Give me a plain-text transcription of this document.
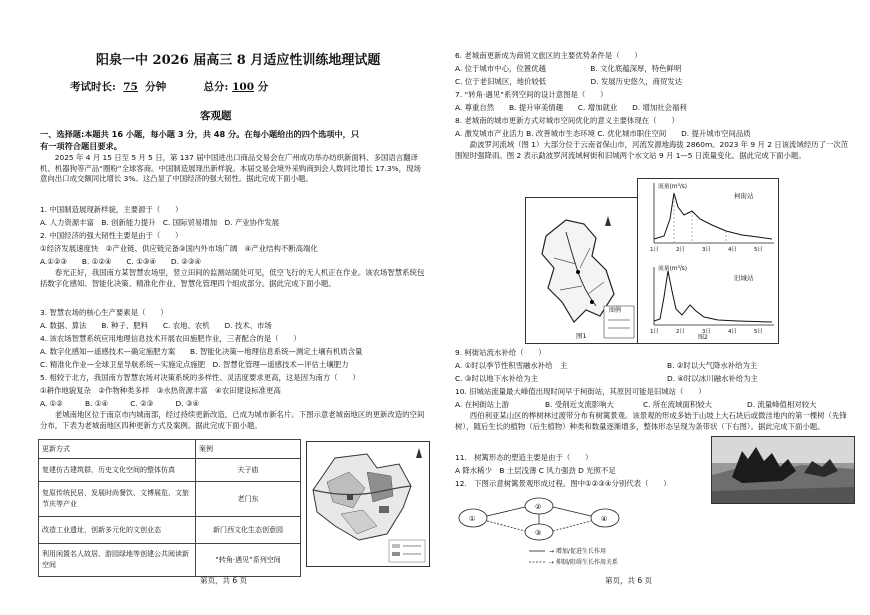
阳泉一中 2026 届高三 8 月适应性训练地理试题
考试时长: 75 分钟	总分: 100 分
客观题
一、选择题:本题共 16 小题，每小题 3 分，共 48 分。在每小题给出的四个选项中，只
有一项符合题目要求。
2025 年 4 月 15 日至 5 月 5 日，第 137 届中国进出口商品交易会在广州成功举办纺织新面料、多国语言翻译机、机器狗等产品“圈粉”全球客商。中国制造展现出新样貌。本届交易会境外采购商到会人数同比增长 17.3%，现场意向出口成交额同比增长 3%。这凸显了中国经济的强大韧性。据此完成下面小题。
1. 中国制造展现新样貌，主要源于（　　）
A. 人力资源丰富　B. 创新能力提升　C. 国际贸易增加　D. 产业协作发展
2. 中国经济的强大韧性主要是由于（　　）
①经济发展速度快　②产业链、供应链完备③国内外市场广阔　④产业结构不断高端化
A.①②③　　B. ①②④　　C. ①③④　　D. ②③④
春光正好，我国南方某智慧农场里，竖立田间的监测站随处可见，低空飞行的无人机正在作业。该农场智慧系统包括数字化感知、智能化决策、精准化作业、智慧化管理四个组成部分。据此完成下面小题。
3. 智慧农场的核心生产要素是（　　）
A. 数据、算法　　B. 种子、肥料　　C. 农地、农机　　D. 技术、市场
4. 该农场智慧系统应用地理信息技术开展农田施肥作业，三者配合的是（　　）
A. 数字化感知—遥感技术—确定施肥方案　　B. 智能化决策—地理信息系统—测定土壤有机质含量
C. 精准化作业—全球卫星导航系统—实施定点施肥　D. 智慧化管理—遥感技术—评估土壤肥力
5. 相较于北方，我国南方智慧农场对决策系统的多样性、灵活度要求更高，这是因为南方（　　）
①耕作地貌复杂　②作物种类多样　③水热资源丰富　④农田建设标准更高
A. ①②　　　B. ①④　　　C. ②③　　　D. ③④
老城南地区位于南京市内城南部，经过持续更新改造，已成为城市新名片。下图示意老城南地区的更新改造的空间分布，下表为老城南地区四种更新方式及案例。据此完成下面小题。
更新方式	案例
复建仿古建筑群，历史文化空间的整体仿真	夫子庙
复原传统民居，发展时尚餐饮、文博展览、文旅节庆等产业	老门东
改造工业遗址，创新多元化的文创业态	新门西文化生态创意园
利用闲置名人故居、游园绿地等创建公共阅读新空间	“转角·遇见”系列空间
第页，共 6 页
6. 老城南更新成为商贸文旅区的主要优势条件是（　　）
A. 位于城市中心，位置优越　　　　　　B. 文化底蕴深厚，特色鲜明
C. 位于老旧城区，地价较低　　　　　　D. 发展历史悠久，商贸发达
7. “转角·遇见”系列空间的设计意图是（　　）
A. 尊重自然　　B. 提升审美情趣　　C. 增加就业　　D. 增加社会福利
8. 老城南的城市更新方式对城市空间优化的意义主要体现在（　　）
A. 激发城市产业活力 B. 改善城市生态环境 C. 优化城市职住空间　　D. 提升城市空间品质
勐波罗河流域（图 1）大部分位于云南省保山市，河流发源地海拔 2860m。2023 年 9 月 2 日该流域经历了一次范围短时强降雨。图 2 表示勐波罗河流域柯街和旧城两个水文站 9 月 1—5 日流量变化。据此完成下面小题。
图例
图1
流量(m³/s)
柯街站
流量(m³/s)
旧城站
1日	2日	3日	4日	5日
1日	2日	3日	4日	5日
图2
9. 柯街站流水补给（　　）
A. ①时以季节性积雪融水补给　主	B. ②时以大气降水补给为主
C. ③时以地下水补给为主	D. ④时以冰川融水补给为主
10. 旧城站流量最大峰值出现时间早于柯街站，其原因可能是旧城站（　　）
A. 在柯街站上游	B. 受削近支流影响大	C. 所在流域面积较大	D. 流量峰值相对较大
西伯利亚某山区的桦树林过渡带分布有树篱景观。该景观的形成多始于山坡上大石块后或微洼地内的第一棵树（先锋树），随后生长的植物（后生植物）种类和数量逐渐增多，整体形态呈现为条带状（下右图）。据此完成下面小题。
11.　树篱形态的塑造主要是由于（　　）
A 降水稀少　B 土层浅薄 C 风力强劲 D 光照不足
12.　下图示意树篱景观形成过程。图中①②③④分别代表（　　）
①
②
③
④
→ 增加/促进生长作用
⇢ 抑制/阻碍生长作用关系
第页，共 6 页
